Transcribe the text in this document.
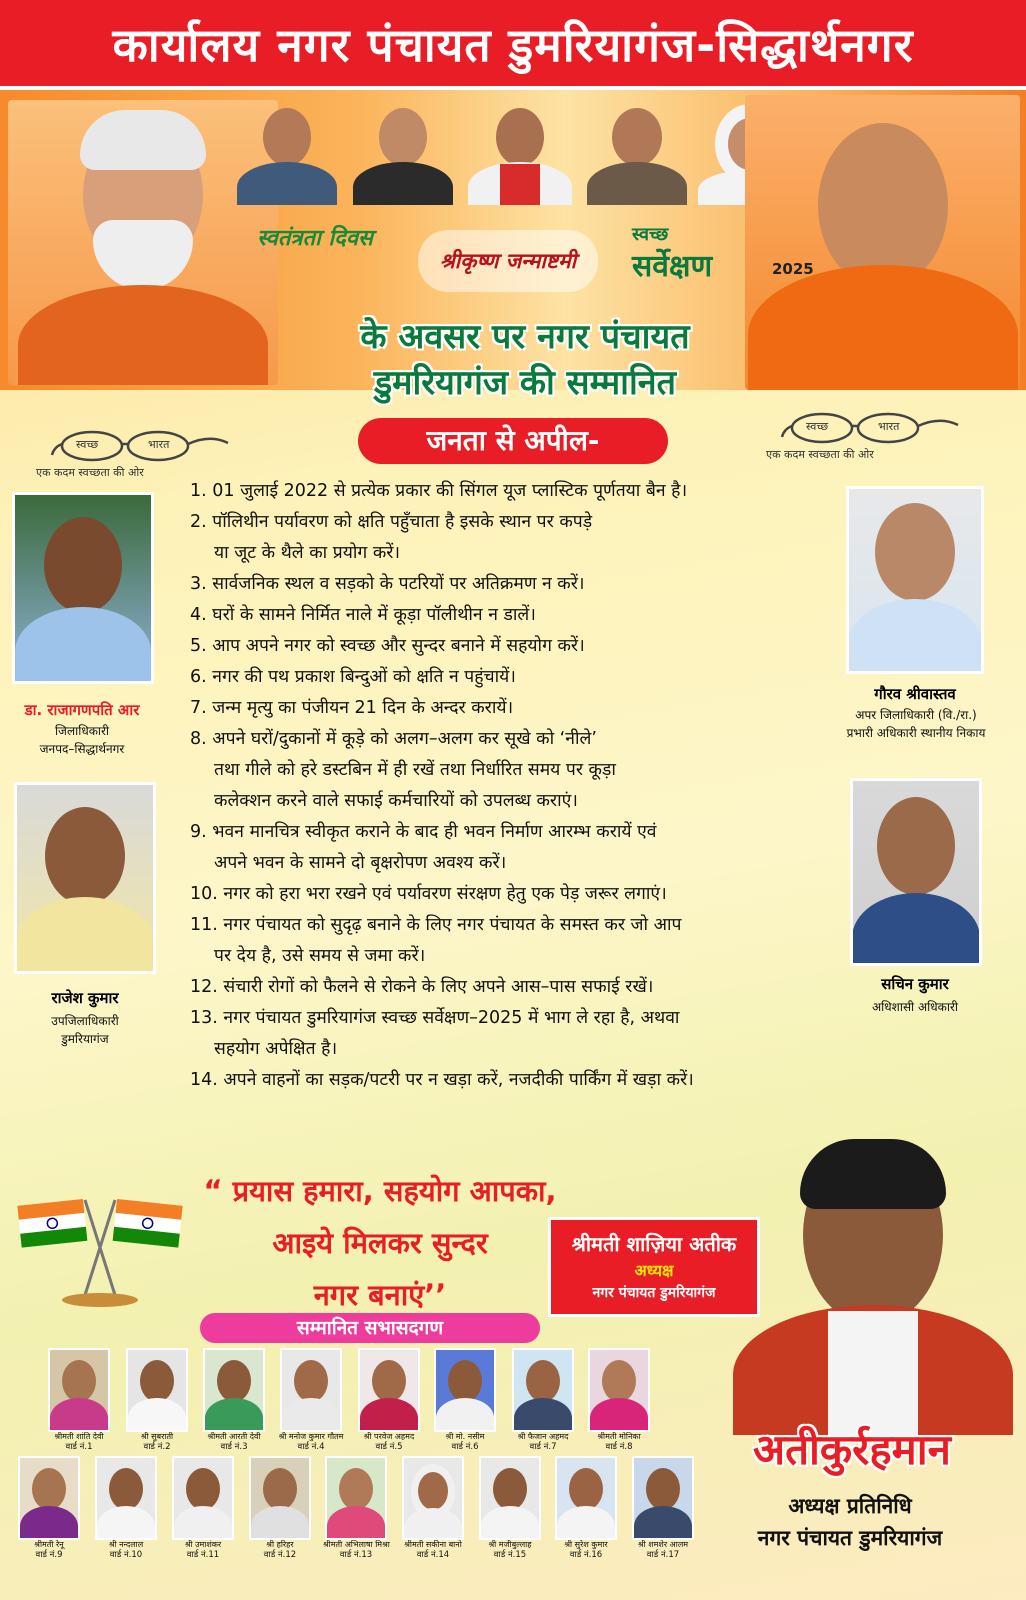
कार्यालय नगर पंचायत डुमरियागंज-सिद्धार्थनगर
स्वतंत्रता दिवस
श्रीकृष्ण जन्माष्टमी
स्वच्छ
सर्वेक्षण	2025
के अवसर पर नगर पंचायत
डुमरियागंज की सम्मानित
स्वच्छ	भारत
एक कदम स्वच्छता की ओर
स्वच्छ	भारत
एक कदम स्वच्छता की ओर
जनता से अपील-
1. 01 जुलाई 2022 से प्रत्येक प्रकार की सिंगल यूज प्लास्टिक पूर्णतया बैन है।
2. पॉलिथीन पर्यावरण को क्षति पहुँचाता है इसके स्थान पर कपड़े
या जूट के थैले का प्रयोग करें।
3. सार्वजनिक स्थल व सड़को के पटरियों पर अतिक्रमण न करें।
4. घरों के सामने निर्मित नाले में कूड़ा पॉलीथीन न डालें।
5. आप अपने नगर को स्वच्छ और सुन्दर बनाने में सहयोग करें।
6. नगर की पथ प्रकाश बिन्दुओं को क्षति न पहुंचायें।
7. जन्म मृत्यु का पंजीयन 21 दिन के अन्दर करायें।
8. अपने घरों/दुकानों में कूड़े को अलग–अलग कर सूखे को ‘नीले’
तथा गीले को हरे डस्टबिन में ही रखें तथा निर्धारित समय पर कूड़ा
कलेक्शन करने वाले सफाई कर्मचारियों को उपलब्ध कराएं।
9. भवन मानचित्र स्वीकृत कराने के बाद ही भवन निर्माण आरम्भ करायें एवं
अपने भवन के सामने दो बृक्षरोपण अवश्य करें।
10. नगर को हरा भरा रखने एवं पर्यावरण संरक्षण हेतु एक पेड़ जरूर लगाएं।
11. नगर पंचायत को सुदृढ़ बनाने के लिए नगर पंचायत के समस्त कर जो आप
पर देय है, उसे समय से जमा करें।
12. संचारी रोगों को फैलने से रोकने के लिए अपने आस–पास सफाई रखें।
13. नगर पंचायत डुमरियागंज स्वच्छ सर्वेक्षण–2025 में भाग ले रहा है, अथवा
सहयोग अपेक्षित है।
14. अपने वाहनों का सड़क/पटरी पर न खड़ा करें, नजदीकी पार्किंग में खड़ा करें।
डा. राजागणपति आर
जिलाधिकारी
जनपद–सिद्धार्थनगर
राजेश कुमार
उपजिलाधिकारी
डुमरियागंज
गौरव श्रीवास्तव
अपर जिलाधिकारी (वि./रा.)
प्रभारी अधिकारी स्थानीय निकाय
सचिन कुमार
अधिशासी अधिकारी
“ प्रयास हमारा, सहयोग आपका,
आइये मिलकर सुन्दर
नगर बनाएं’’
श्रीमती शाज़िया अतीक
अध्यक्ष
नगर पंचायत डुमरियागंज
सम्मानित सभासदगण
श्रीमती शांति देवी
वार्ड नं.1
श्री सुबराती
वार्ड नं.2
श्रीमती आरती देवी
वार्ड नं.3
श्री मनोज कुमार गौतम
वार्ड नं.4
श्री परवेज अहमद
वार्ड नं.5
श्री मो. नसीम
वार्ड नं.6
श्री फैजान अहमद
वार्ड नं.7
श्रीमती मोनिका
वार्ड नं.8
श्रीमती रेनू
वार्ड नं.9
श्री नन्दलाल
वार्ड नं.10
श्री उमाशंकर
वार्ड नं.11
श्री हरिहर
वार्ड नं.12
श्रीमती अभिलाषा मिश्रा
वार्ड नं.13
श्रीमती सकीना बानो
वार्ड नं.14
श्री मजीबुल्लाह
वार्ड नं.15
श्री सुरेश कुमार
वार्ड नं.16
श्री शमशेर आलम
वार्ड नं.17
अतीकुर्रहमान
अध्यक्ष प्रतिनिधि
नगर पंचायत डुमरियागंज
